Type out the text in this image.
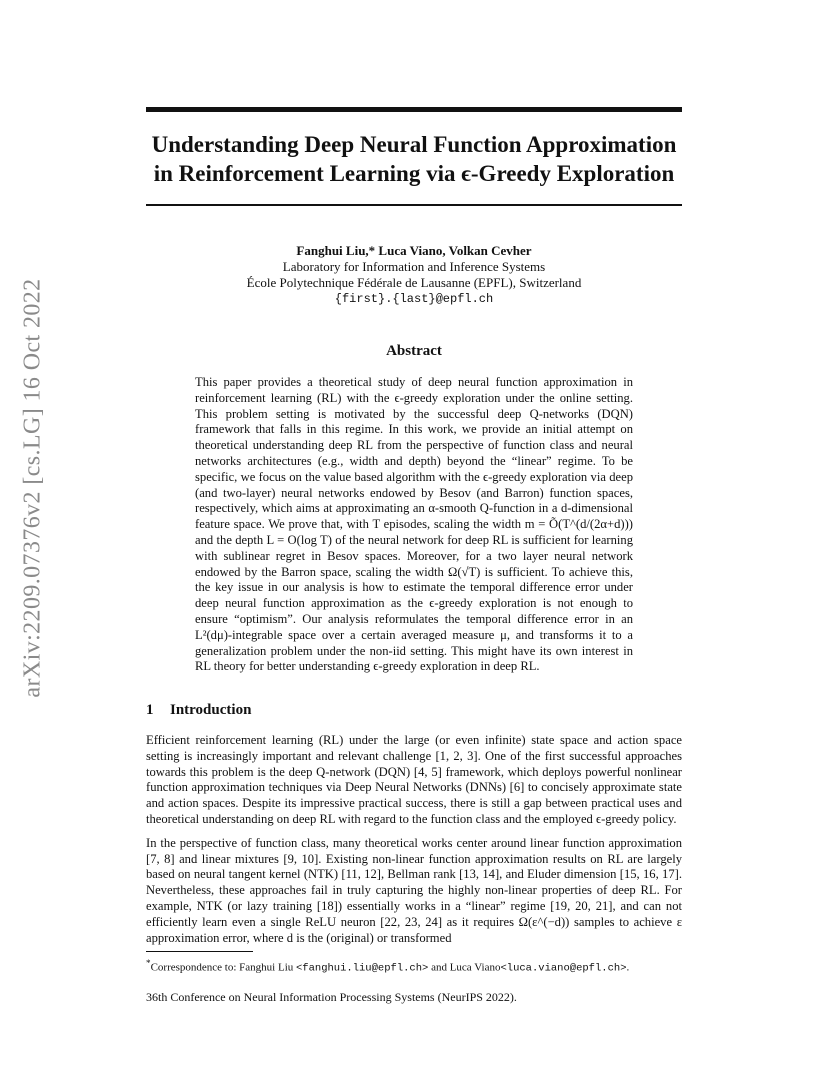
arXiv:2209.07376v2 [cs.LG] 16 Oct 2022
Understanding Deep Neural Function Approximation
in Reinforcement Learning via ϵ-Greedy Exploration
Fanghui Liu,* Luca Viano, Volkan Cevher
Laboratory for Information and Inference Systems
École Polytechnique Fédérale de Lausanne (EPFL), Switzerland
{first}.{last}@epfl.ch
Abstract

This paper provides a theoretical study of deep neural function approximation in reinforcement learning (RL) with the ϵ-greedy exploration under the online setting. This problem setting is motivated by the successful deep Q-networks (DQN) framework that falls in this regime. In this work, we provide an initial attempt on theoretical understanding deep RL from the perspective of function class and neural networks architectures (e.g., width and depth) beyond the “linear” regime. To be specific, we focus on the value based algorithm with the ϵ-greedy exploration via deep (and two-layer) neural networks endowed by Besov (and Barron) function spaces, respectively, which aims at approximating an α-smooth Q-function in a d-dimensional feature space. We prove that, with T episodes, scaling the width m = Õ(T^(d/(2α+d))) and the depth L = O(log T) of the neural network for deep RL is sufficient for learning with sublinear regret in Besov spaces. Moreover, for a two layer neural network endowed by the Barron space, scaling the width Ω(√T) is sufficient. To achieve this, the key issue in our analysis is how to estimate the temporal difference error under deep neural function approximation as the ϵ-greedy exploration is not enough to ensure “optimism”. Our analysis reformulates the temporal difference error in an L²(dμ)-integrable space over a certain averaged measure μ, and transforms it to a generalization problem under the non-iid setting. This might have its own interest in RL theory for better understanding ϵ-greedy exploration in deep RL.

1 Introduction

Efficient reinforcement learning (RL) under the large (or even infinite) state space and action space setting is increasingly important and relevant challenge [1, 2, 3]. One of the first successful approaches towards this problem is the deep Q-network (DQN) [4, 5] framework, which deploys powerful nonlinear function approximation techniques via Deep Neural Networks (DNNs) [6] to concisely approximate state and action spaces. Despite its impressive practical success, there is still a gap between practical uses and theoretical understanding on deep RL with regard to the function class and the employed ϵ-greedy policy.

In the perspective of function class, many theoretical works center around linear function approximation [7, 8] and linear mixtures [9, 10]. Existing non-linear function approximation results on RL are largely based on neural tangent kernel (NTK) [11, 12], Bellman rank [13, 14], and Eluder dimension [15, 16, 17]. Nevertheless, these approaches fail in truly capturing the highly non-linear properties of deep RL. For example, NTK (or lazy training [18]) essentially works in a “linear” regime [19, 20, 21], and can not efficiently learn even a single ReLU neuron [22, 23, 24] as it requires Ω(ε^(−d)) samples to achieve ε approximation error, where d is the (original) or transformed

*Correspondence to: Fanghui Liu <fanghui.liu@epfl.ch> and Luca Viano<luca.viano@epfl.ch>.
36th Conference on Neural Information Processing Systems (NeurIPS 2022).
